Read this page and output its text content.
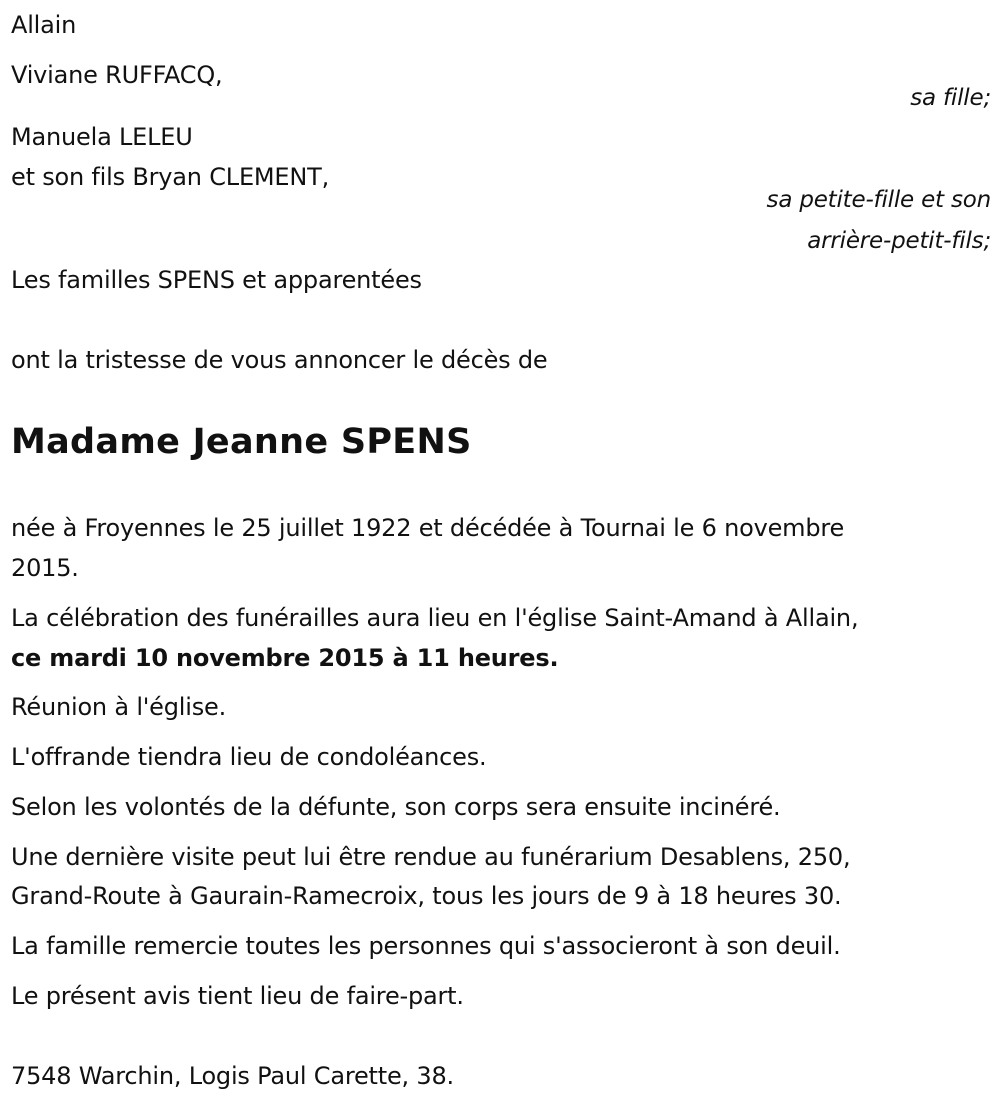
Allain
Viviane RUFFACQ,
sa fille;
Manuela LELEU
et son fils Bryan CLEMENT,
sa petite-fille et son
arrière-petit-fils;
Les familles SPENS et apparentées
ont la tristesse de vous annoncer le décès de
Madame Jeanne SPENS
née à Froyennes le 25 juillet 1922 et décédée à Tournai le 6 novembre
2015.
La célébration des funérailles aura lieu en l'église Saint-Amand à Allain,
ce mardi 10 novembre 2015 à 11 heures.
Réunion à l'église.
L'offrande tiendra lieu de condoléances.
Selon les volontés de la défunte, son corps sera ensuite incinéré.
Une dernière visite peut lui être rendue au funérarium Desablens, 250,
Grand-Route à Gaurain-Ramecroix, tous les jours de 9 à 18 heures 30.
La famille remercie toutes les personnes qui s'associeront à son deuil.
Le présent avis tient lieu de faire-part.
7548 Warchin, Logis Paul Carette, 38.
